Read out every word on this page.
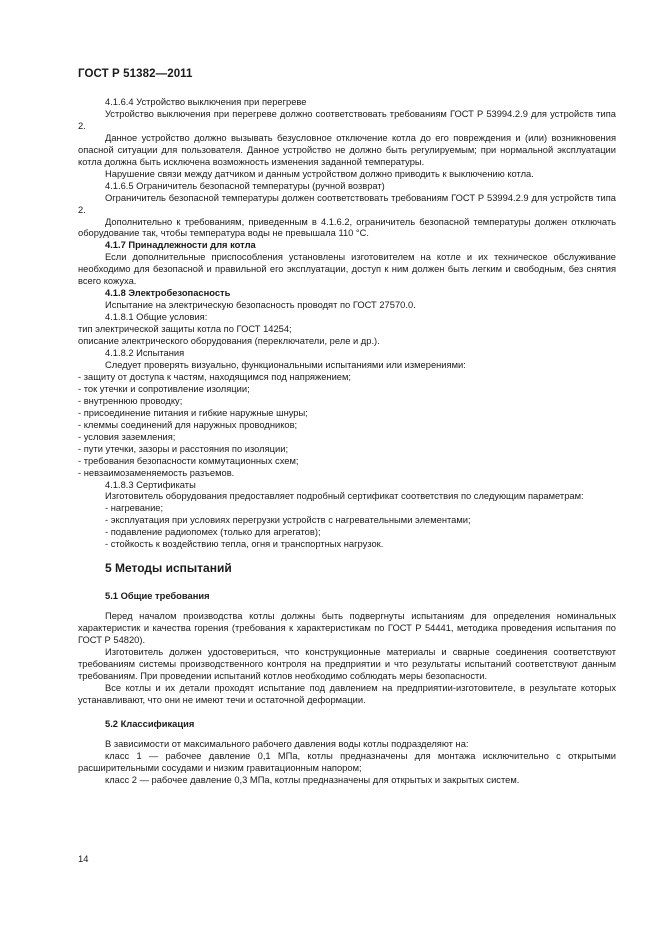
ГОСТ Р 51382—2011

4.1.6.4 Устройство выключения при перегреве

Устройство выключения при перегреве должно соответствовать требованиям ГОСТ Р 53994.2.9 для устройств типа 2.

Данное устройство должно вызывать безусловное отключение котла до его повреждения и (или) возникновения опасной ситуации для пользователя. Данное устройство не должно быть регулируемым; при нормальной эксплуатации котла должна быть исключена возможность изменения заданной температуры.

Нарушение связи между датчиком и данным устройством должно приводить к выключению котла.

4.1.6.5 Ограничитель безопасной температуры (ручной возврат)

Ограничитель безопасной температуры должен соответствовать требованиям ГОСТ Р 53994.2.9 для устройств типа 2.

Дополнительно к требованиям, приведенным в 4.1.6.2, ограничитель безопасной температуры должен отключать оборудование так, чтобы температура воды не превышала 110 °С.

4.1.7 Принадлежности для котла

Если дополнительные приспособления установлены изготовителем на котле и их техническое обслуживание необходимо для безопасной и правильной его эксплуатации, доступ к ним должен быть легким и свободным, без снятия всего кожуха.

4.1.8 Электробезопасность

Испытание на электрическую безопасность проводят по ГОСТ 27570.0.

4.1.8.1 Общие условия:

тип электрической защиты котла по ГОСТ 14254;

описание электрического оборудования (переключатели, реле и др.).

4.1.8.2 Испытания

Следует проверять визуально, функциональными испытаниями или измерениями:

- защиту от доступа к частям, находящимся под напряжением;

- ток утечки и сопротивление изоляции;

- внутреннюю проводку;

- присоединение питания и гибкие наружные шнуры;

- клеммы соединений для наружных проводников;

- условия заземления;

- пути утечки, зазоры и расстояния по изоляции;

- требования безопасности коммутационных схем;

- невзаимозаменяемость разъемов.

4.1.8.3 Сертификаты

Изготовитель оборудования предоставляет подробный сертификат соответствия по следующим параметрам:

- нагревание;

- эксплуатация при условиях перегрузки устройств с нагревательными элементами;

- подавление радиопомех (только для агрегатов);

- стойкость к воздействию тепла, огня и транспортных нагрузок.

5 Методы испытаний

5.1 Общие требования

Перед началом производства котлы должны быть подвергнуты испытаниям для определения номинальных характеристик и качества горения (требования к характеристикам по ГОСТ Р 54441, методика проведения испытания по ГОСТ Р 54820).

Изготовитель должен удостовериться, что конструкционные материалы и сварные соединения соответствуют требованиям системы производственного контроля на предприятии и что результаты испытаний соответствуют данным требованиям. При проведении испытаний котлов необходимо соблюдать меры безопасности.

Все котлы и их детали проходят испытание под давлением на предприятии-изготовителе, в результате которых устанавливают, что они не имеют течи и остаточной деформации.

5.2 Классификация

В зависимости от максимального рабочего давления воды котлы подразделяют на:

класс 1 — рабочее давление 0,1 МПа, котлы предназначены для монтажа исключительно с открытыми расширительными сосудами и низким гравитационным напором;

класс 2 — рабочее давление 0,3 МПа, котлы предназначены для открытых и закрытых систем.

14
